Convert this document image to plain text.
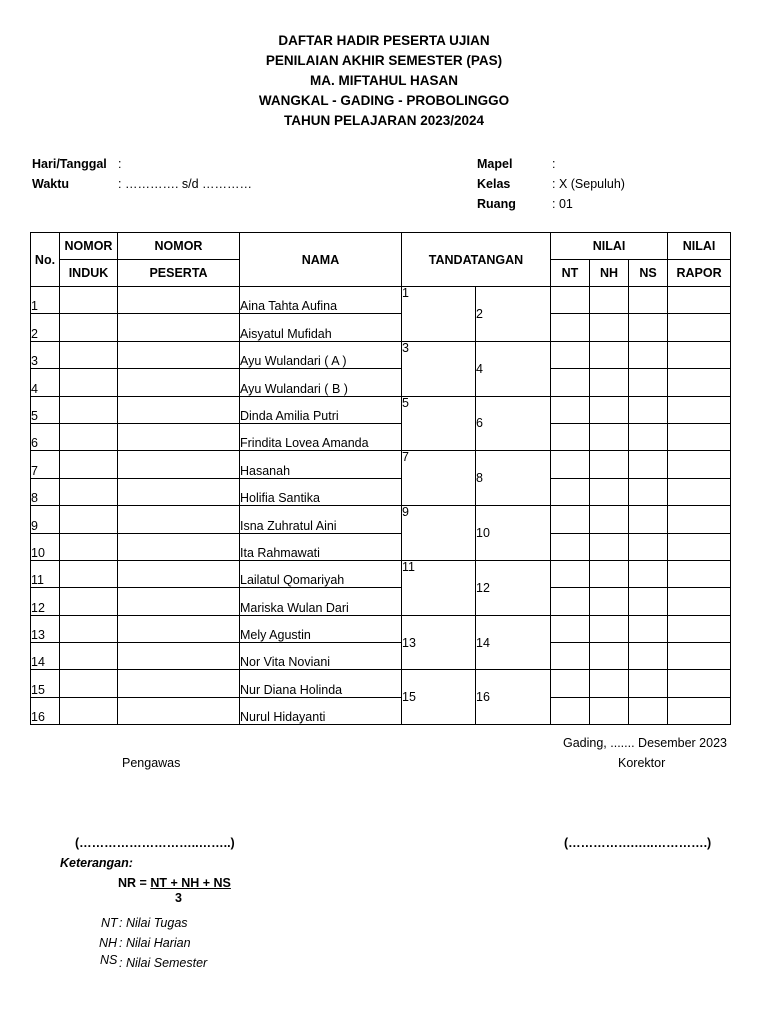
DAFTAR HADIR PESERTA UJIAN
PENILAIAN AKHIR SEMESTER (PAS)
MA. MIFTAHUL HASAN
WANGKAL - GADING - PROBOLINGGO
TAHUN PELAJARAN 2023/2024
Hari/Tanggal :
Waktu	: …………. s/d …………
Mapel	:
Kelas	: X (Sepuluh)
Ruang	: 01
No.	NOMOR	NOMOR	NAMA	TANDATANGAN		NILAI			NILAI
	INDUK	PESERTA				NT	NH	NS	RAPOR
1			Aina Tahta Aufina	1	2				
2			Aisyatul Mufidah						
3			Ayu Wulandari ( A )	3	4				
4			Ayu Wulandari ( B )						
5			Dinda Amilia Putri	5	6				
6			Frindita Lovea Amanda						
7			Hasanah	7	8				
8			Holifia Santika						
9			Isna Zuhratul Aini	9	10				
10			Ita Rahmawati						
11			Lailatul Qomariyah	11	12				
12			Mariska Wulan Dari						
13			Mely Agustin	13	14				
14			Nor Vita Noviani						
15			Nur Diana Holinda	15	16				
16			Nurul Hidayanti						
Gading, ....... Desember 2023
Pengawas	Korektor
(………………………..……..)	(…………….…..………….)
Keterangan:
NR = NT + NH + NS
3
NT : Nilai Tugas
NH : Nilai Harian
NS : Nilai Semester
